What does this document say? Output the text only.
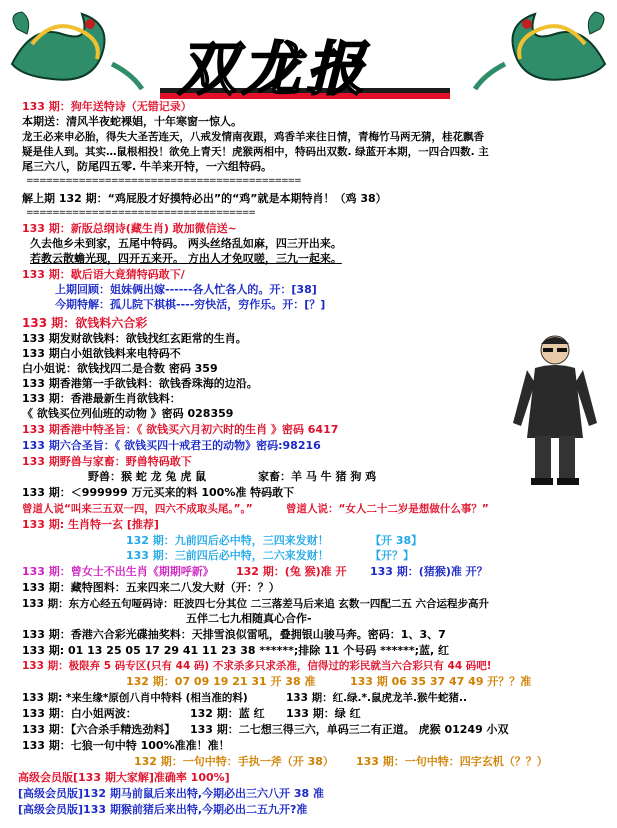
双龙报
133 期：狗年送特诗（无错记录）
本期送：清风半夜蛇裸娼，十年寒窗一惊人。
龙王必来申必胎，得失大圣苦连天，八戒发情南夜跟，鸡香羊来往日情，青梅竹马两无猜，桂花飘香
疑是佳人到。其实…鼠根相投！欲免上青天！虎猴两相中，特码出双数. 绿蓝开本期，一四合四数. 主
尾三六八，防尾四五零. 牛羊来开特，一六组特码。
==========================================
解上期 132 期：“鸡屁股才好摸特必出”的“鸡”就是本期特肖！（鸡 38）
===================================
133 期：新版总纲诗(藏生肖) 敢加微信送~
久去他乡未到家，五尾中特码。 两头丝络乱如麻，四三开出来。
若教云散蟾光现，四开五来开。 方出人才免叹嗟，三九一起来。
133 期：歇后语大竟猜特码敢下/
上期回顾：姐妹俩出嫁------各人忙各人的。开：[38]
今期特解：孤儿院下棋棋----穷快活，穷作乐。开：[？]
133 期：欲钱料六合彩
133 期发财欲钱料：欲钱找红玄距常的生肖。
133 期白小姐欲钱料来电特码不
白小姐说：欲钱找四二是合数 密码 359
133 期香港第一手欲钱料：欲钱香珠海的边沿。
133 期：香港最新生肖欲钱料：
《 欲钱买位列仙班的动物 》密码 028359
133 期香港中特圣旨：《 欲钱买六月初六时的生肖 》密码 6417
133 期六合圣旨：《 欲钱买四十戒君王的动物》密码:98216
133 期野兽与家畜：野兽特码敢下
野兽：猴 蛇 龙 兔 虎 鼠	家畜：羊 马 牛 猪 狗 鸡
133 期：＜999999 万元买来的料 100%准 特码敢下
曾道人说“叫来三五双一四，四六不成取头尾。”。”	曾道人说：“女人二十二岁是想做什么事？”
133 期: 生肖特一玄 [推荐]
132 期：九前四后必中特，三四来发财！	【开 38】
133 期：三前四后必中特，二六来发财！	【开？】
133 期：曾女士不出生肖《期期呼新》 132 期：(兔 猴)准 开 133 期：(猪猴)准 开？
133 期：藏特图料：五来四来二八发大财（开：？）
133 期：东方心经五句哑码诗：旺波四七分其位 二三落差马后来追 玄数一四配二五 六合运程步高升
五伴二七九相随真心合作-
133 期：香港六合彩光碟抽奖料：天排雪浪似雷吼，叠拥银山骏马奔。密码：1、3、7
133 期: 01 13 25 05 17 29 41 11 23 38 ******;排除 11 个号码 ******;蓝, 红
133 期：极限弃 5 码专区(只有 44 码) 不求杀多只求杀准，信得过的彩民就当六合彩只有 44 码吧!
132 期：07 09 19 21 31 开 38 准	133 期 06 35 37 47 49 开？？准
133 期: *来生缘*原创八肖中特料 (相当准的料)	133 期：红.绿.*.鼠虎龙羊.猴牛蛇猪..
133 期：白小姐两波：	132 期：蓝 红 133 期：绿 红
133 期：【六合杀手精选劲料】 133 期：二七想三得三六，单码三二有正道。 虎猴 01249 小双
133 期：七狼一句中特 100%准准！准！
132 期：一句中特：手执一斧（开 38） 133 期：一句中特：四字玄机（？？）
高级会员版[133 期大家解]准确率 100%]
[高级会员版]132 期马前鼠后来出特,今期必出三六八开 38 准
[高级会员版]133 期猴前猪后来出特,今期必出二五九开?准
